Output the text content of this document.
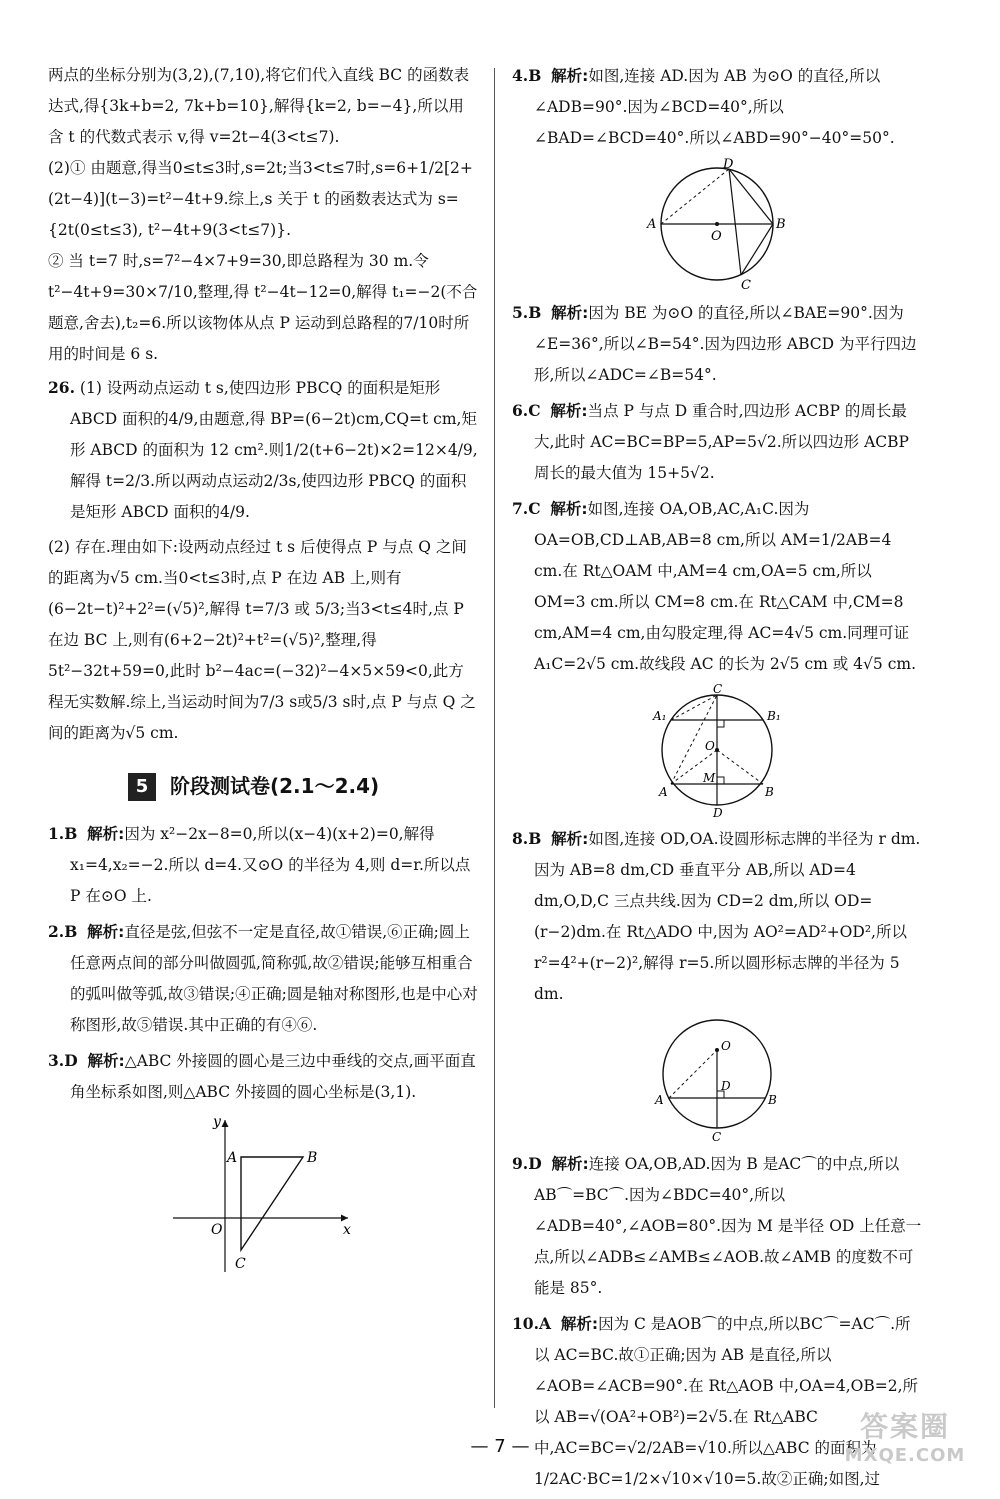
两点的坐标分别为(3,2),(7,10),将它们代入直线 BC 的函数表达式,得{3k+b=2, 7k+b=10},解得{k=2, b=−4},所以用含 t 的代数式表示 v,得 v=2t−4(3<t≤7).

(2)① 由题意,得当0≤t≤3时,s=2t;当3<t≤7时,s=6+1/2[2+(2t−4)](t−3)=t²−4t+9.综上,s 关于 t 的函数表达式为 s={2t(0≤t≤3), t²−4t+9(3<t≤7)}.

② 当 t=7 时,s=7²−4×7+9=30,即总路程为 30 m.令 t²−4t+9=30×7/10,整理,得 t²−4t−12=0,解得 t₁=−2(不合题意,舍去),t₂=6.所以该物体从点 P 运动到总路程的7/10时所用的时间是 6 s.

26. (1) 设两动点运动 t s,使四边形 PBCQ 的面积是矩形 ABCD 面积的4/9,由题意,得 BP=(6−2t)cm,CQ=t cm,矩形 ABCD 的面积为 12 cm².则1/2(t+6−2t)×2=12×4/9,解得 t=2/3.所以两动点运动2/3s,使四边形 PBCQ 的面积是矩形 ABCD 面积的4/9.

(2) 存在.理由如下:设两动点经过 t s 后使得点 P 与点 Q 之间的距离为√5 cm.当0<t≤3时,点 P 在边 AB 上,则有(6−2t−t)²+2²=(√5)²,解得 t=7/3 或 5/3;当3<t≤4时,点 P 在边 BC 上,则有(6+2−2t)²+t²=(√5)²,整理,得 5t²−32t+59=0,此时 b²−4ac=(−32)²−4×5×59<0,此方程无实数解.综上,当运动时间为7/3 s或5/3 s时,点 P 与点 Q 之间的距离为√5 cm.

5	阶段测试卷(2.1～2.4)

1.B 解析:因为 x²−2x−8=0,所以(x−4)(x+2)=0,解得 x₁=4,x₂=−2.所以 d=4.又⊙O 的半径为 4,则 d=r.所以点 P 在⊙O 上.

2.B 解析:直径是弦,但弦不一定是直径,故①错误,⑥正确;圆上任意两点间的部分叫做圆弧,简称弧,故②错误;能够互相重合的弧叫做等弧,故③错误;④正确;圆是轴对称图形,也是中心对称图形,故⑤错误.其中正确的有④⑥.

3.D 解析:△ABC 外接圆的圆心是三边中垂线的交点,画平面直角坐标系如图,则△ABC 外接圆的圆心坐标是(3,1).

y
x
O
A	B
C

4.B 解析:如图,连接 AD.因为 AB 为⊙O 的直径,所以∠ADB=90°.因为∠BCD=40°,所以∠BAD=∠BCD=40°.所以∠ABD=90°−40°=50°.

A	B
D
C
O

5.B 解析:因为 BE 为⊙O 的直径,所以∠BAE=90°.因为∠E=36°,所以∠B=54°.因为四边形 ABCD 为平行四边形,所以∠ADC=∠B=54°.

6.C 解析:当点 P 与点 D 重合时,四边形 ACBP 的周长最大,此时 AC=BC=BP=5,AP=5√2.所以四边形 ACBP 周长的最大值为 15+5√2.

7.C 解析:如图,连接 OA,OB,AC,A₁C.因为 OA=OB,CD⊥AB,AB=8 cm,所以 AM=1/2AB=4 cm.在 Rt△OAM 中,AM=4 cm,OA=5 cm,所以 OM=3 cm.所以 CM=8 cm.在 Rt△CAM 中,CM=8 cm,AM=4 cm,由勾股定理,得 AC=4√5 cm.同理可证 A₁C=2√5 cm.故线段 AC 的长为 2√5 cm 或 4√5 cm.

A₁	B₁
C
O
M
A	B
D

8.B 解析:如图,连接 OD,OA.设圆形标志牌的半径为 r dm.因为 AB=8 dm,CD 垂直平分 AB,所以 AD=4 dm,O,D,C 三点共线.因为 CD=2 dm,所以 OD=(r−2)dm.在 Rt△ADO 中,因为 AO²=AD²+OD²,所以 r²=4²+(r−2)²,解得 r=5.所以圆形标志牌的半径为 5 dm.

O
D
A	B
C

9.D 解析:连接 OA,OB,AD.因为 B 是AC⌒的中点,所以AB⌒=BC⌒.因为∠BDC=40°,所以∠ADB=40°,∠AOB=80°.因为 M 是半径 OD 上任意一点,所以∠ADB≤∠AMB≤∠AOB.故∠AMB 的度数不可能是 85°.

10.A 解析:因为 C 是AOB⌒的中点,所以BC⌒=AC⌒.所以 AC=BC.故①正确;因为 AB 是直径,所以∠AOB=∠ACB=90°.在 Rt△AOB 中,OA=4,OB=2,所以 AB=√(OA²+OB²)=2√5.在 Rt△ABC 中,AC=BC=√2/2AB=√10.所以△ABC 的面积为1/2AC·BC=1/2×√10×√10=5.故②正确;如图,过

— 7 —
答案圈
MXQE.COM
